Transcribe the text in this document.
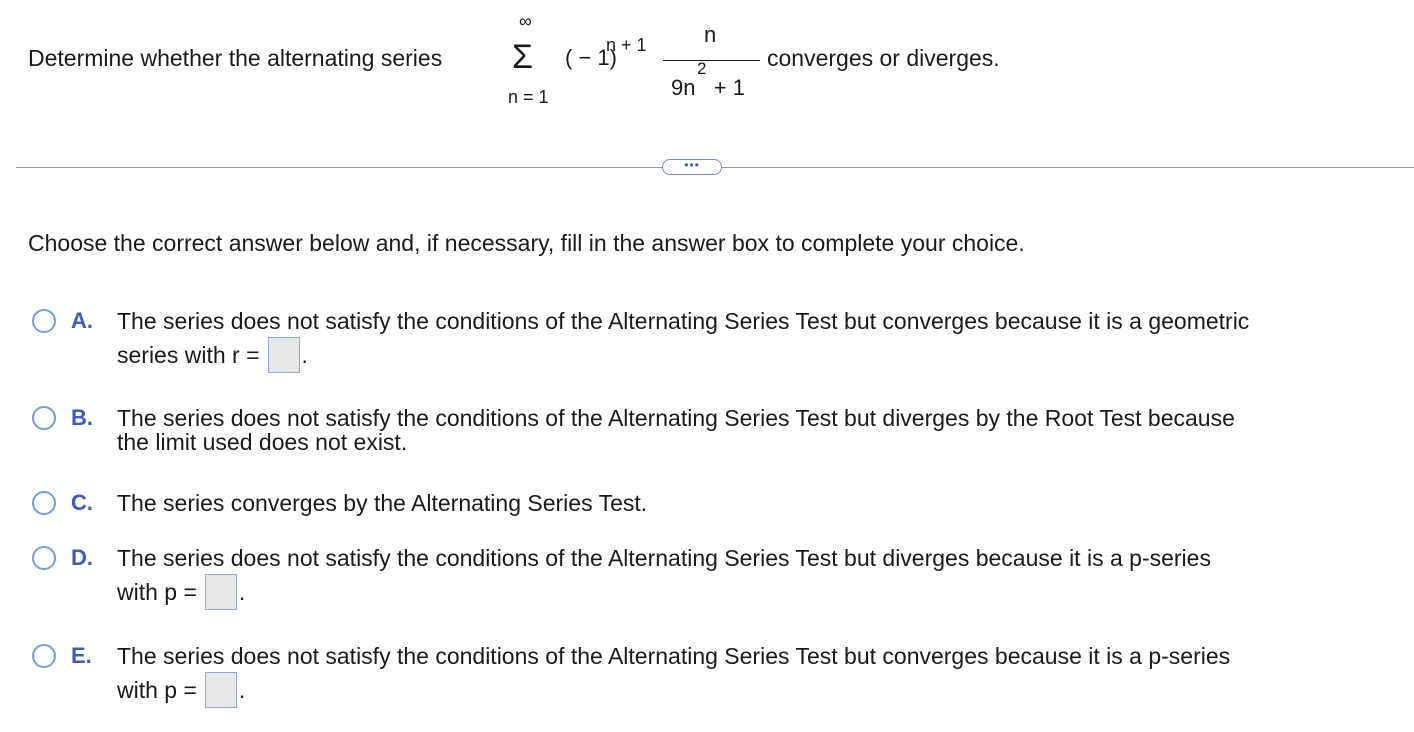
Determine whether the alternating series
∞
Σ
n = 1
( − 1)
n + 1	n
2
9n   + 1
converges or diverges.
•••
Choose the correct answer below and, if necessary, fill in the answer box to complete your choice.
A. The series does not satisfy the conditions of the Alternating Series Test but converges because it is a geometric
series with r = .
B. The series does not satisfy the conditions of the Alternating Series Test but diverges by the Root Test because
the limit used does not exist.
C. The series converges by the Alternating Series Test.
D. The series does not satisfy the conditions of the Alternating Series Test but diverges because it is a p-series
with p = .
E. The series does not satisfy the conditions of the Alternating Series Test but converges because it is a p-series
with p = .
